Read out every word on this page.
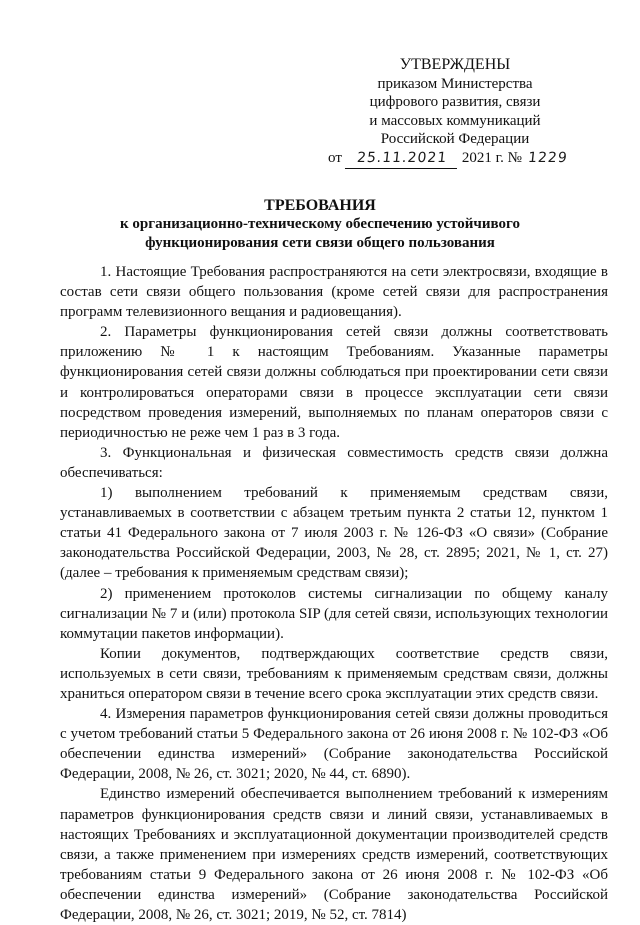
УТВЕРЖДЕНЫ
приказом Министерства
цифрового развития, связи
и массовых коммуникаций
Российской Федерации
от	25.11.2021 2021 г. № 1229
ТРЕБОВАНИЯ
к организационно-техническому обеспечению устойчивого
функционирования сети связи общего пользования

1. Настоящие Требования распространяются на сети электросвязи, входящие в состав сети связи общего пользования (кроме сетей связи для распространения программ телевизионного вещания и радиовещания).

2. Параметры функционирования сетей связи должны соответствовать приложению № 1 к настоящим Требованиям. Указанные параметры функционирования сетей связи должны соблюдаться при проектировании сети связи и контролироваться операторами связи в процессе эксплуатации сети связи посредством проведения измерений, выполняемых по планам операторов связи с периодичностью не реже чем 1 раз в 3 года.

3. Функциональная и физическая совместимость средств связи должна обеспечиваться:

1) выполнением требований к применяемым средствам связи, устанавливаемых в соответствии с абзацем третьим пункта 2 статьи 12, пунктом 1 статьи 41 Федерального закона от 7 июля 2003 г. № 126-ФЗ «О связи» (Собрание законодательства Российской Федерации, 2003, № 28, ст. 2895; 2021, № 1, ст. 27) (далее – требования к применяемым средствам связи);

2) применением протоколов системы сигнализации по общему каналу сигнализации № 7 и (или) протокола SIP (для сетей связи, использующих технологии коммутации пакетов информации).

Копии документов, подтверждающих соответствие средств связи, используемых в сети связи, требованиям к применяемым средствам связи, должны храниться оператором связи в течение всего срока эксплуатации этих средств связи.

4. Измерения параметров функционирования сетей связи должны проводиться с учетом требований статьи 5 Федерального закона от 26 июня 2008 г. № 102-ФЗ «Об обеспечении единства измерений» (Собрание законодательства Российской Федерации, 2008, № 26, ст. 3021; 2020, № 44, ст. 6890).

Единство измерений обеспечивается выполнением требований к измерениям параметров функционирования средств связи и линий связи, устанавливаемых в настоящих Требованиях и эксплуатационной документации производителей средств связи, а также применением при измерениях средств измерений, соответствующих требованиям статьи 9 Федерального закона от 26 июня 2008 г. № 102-ФЗ «Об обеспечении единства измерений» (Собрание законодательства Российской Федерации, 2008, № 26, ст. 3021; 2019, № 52, ст. 7814)
